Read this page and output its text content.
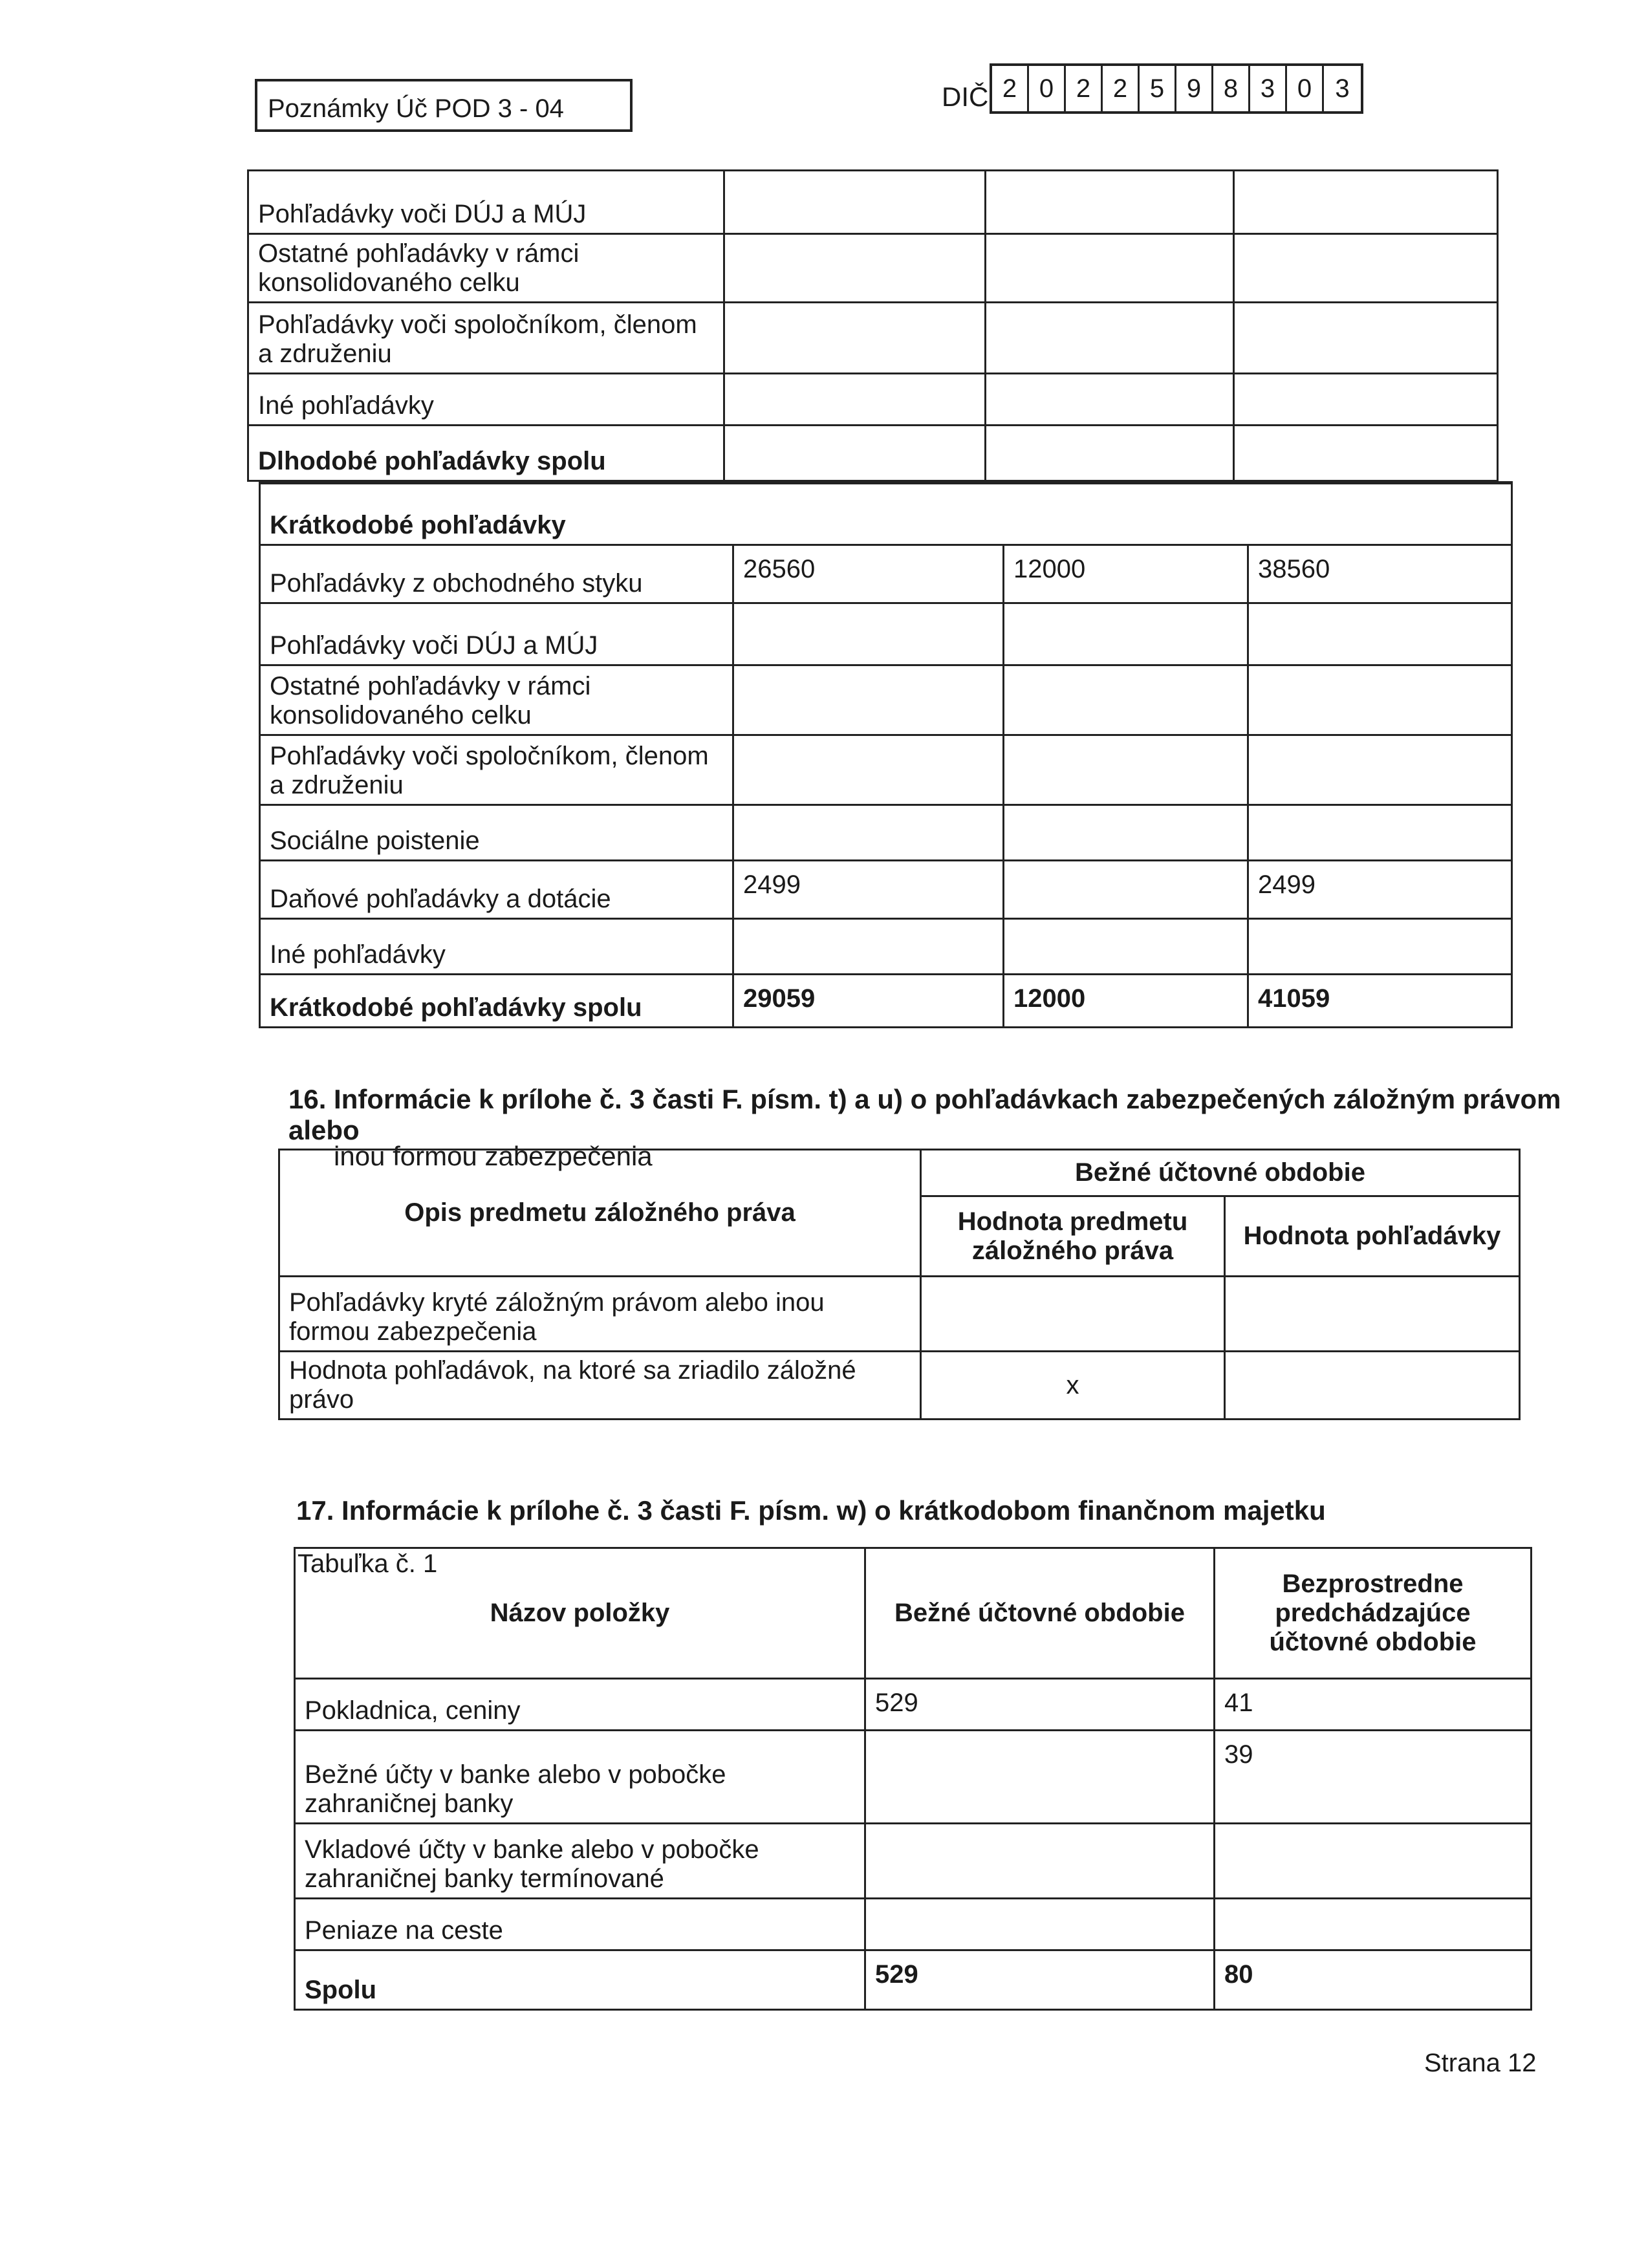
Poznámky Úč POD 3 - 04	DIČ 2 0 2 2 5 9 8 3 0 3
Pohľadávky voči DÚJ a MÚJ			
Ostatné pohľadávky v rámci konsolidovaného celku			
Pohľadávky voči spoločníkom, členom a združeniu			
Iné pohľadávky			
Dlhodobé pohľadávky spolu			
Krátkodobé pohľadávky			
Pohľadávky z obchodného styku	26560	12000	38560
Pohľadávky voči DÚJ a MÚJ			
Ostatné pohľadávky v rámci konsolidovaného celku			
Pohľadávky voči spoločníkom, členom a združeniu			
Sociálne poistenie			
Daňové pohľadávky a dotácie	2499		2499
Iné pohľadávky			
Krátkodobé pohľadávky spolu	29059	12000	41059
16. Informácie k prílohe č. 3 časti F. písm. t) a u) o pohľadávkach zabezpečených záložným právom alebo
inou formou zabezpečenia
Opis predmetu záložného práva	Bežné účtovné obdobie	
	Hodnota predmetu záložného práva	Hodnota pohľadávky
Pohľadávky kryté záložným právom alebo inou formou zabezpečenia		
Hodnota pohľadávok, na ktoré sa zriadilo záložné právo	x	
17. Informácie k prílohe č. 3 časti F. písm. w) o krátkodobom finančnom majetku
Tabuľka č. 1
Názov položky	Bežné účtovné obdobie	Bezprostredne predchádzajúce účtovné obdobie
Pokladnica, ceniny	529	41
Bežné účty v banke alebo v pobočke zahraničnej banky		39
Vkladové účty v banke alebo v pobočke zahraničnej banky termínované		
Peniaze na ceste		
Spolu	529	80
Strana 12
